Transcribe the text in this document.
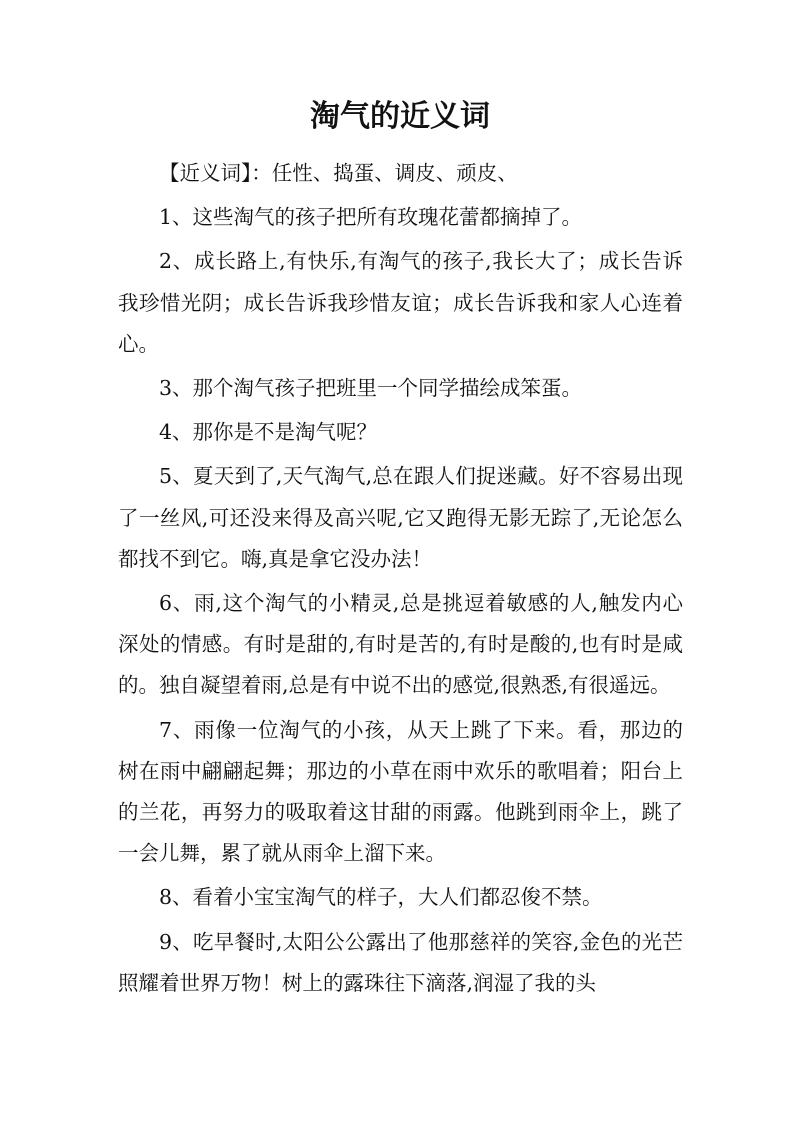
淘气的近义词

【近义词】：任性、捣蛋、调皮、顽皮、

1、这些淘气的孩子把所有玫瑰花蕾都摘掉了。

2、成长路上,有快乐,有淘气的孩子,我长大了；成长告诉我珍惜光阴；成长告诉我珍惜友谊；成长告诉我和家人心连着心。

3、那个淘气孩子把班里一个同学描绘成笨蛋。

4、那你是不是淘气呢？

5、夏天到了,天气淘气,总在跟人们捉迷藏。好不容易出现了一丝风,可还没来得及高兴呢,它又跑得无影无踪了,无论怎么都找不到它。嗨,真是拿它没办法！

6、雨,这个淘气的小精灵,总是挑逗着敏感的人,触发内心深处的情感。有时是甜的,有时是苦的,有时是酸的,也有时是咸的。独自凝望着雨,总是有中说不出的感觉,很熟悉,有很遥远。

7、雨像一位淘气的小孩，从天上跳了下来。看，那边的树在雨中翩翩起舞；那边的小草在雨中欢乐的歌唱着；阳台上的兰花，再努力的吸取着这甘甜的雨露。他跳到雨伞上，跳了一会儿舞，累了就从雨伞上溜下来。

8、看着小宝宝淘气的样子，大人们都忍俊不禁。

9、吃早餐时,太阳公公露出了他那慈祥的笑容,金色的光芒照耀着世界万物！树上的露珠往下滴落,润湿了我的头
